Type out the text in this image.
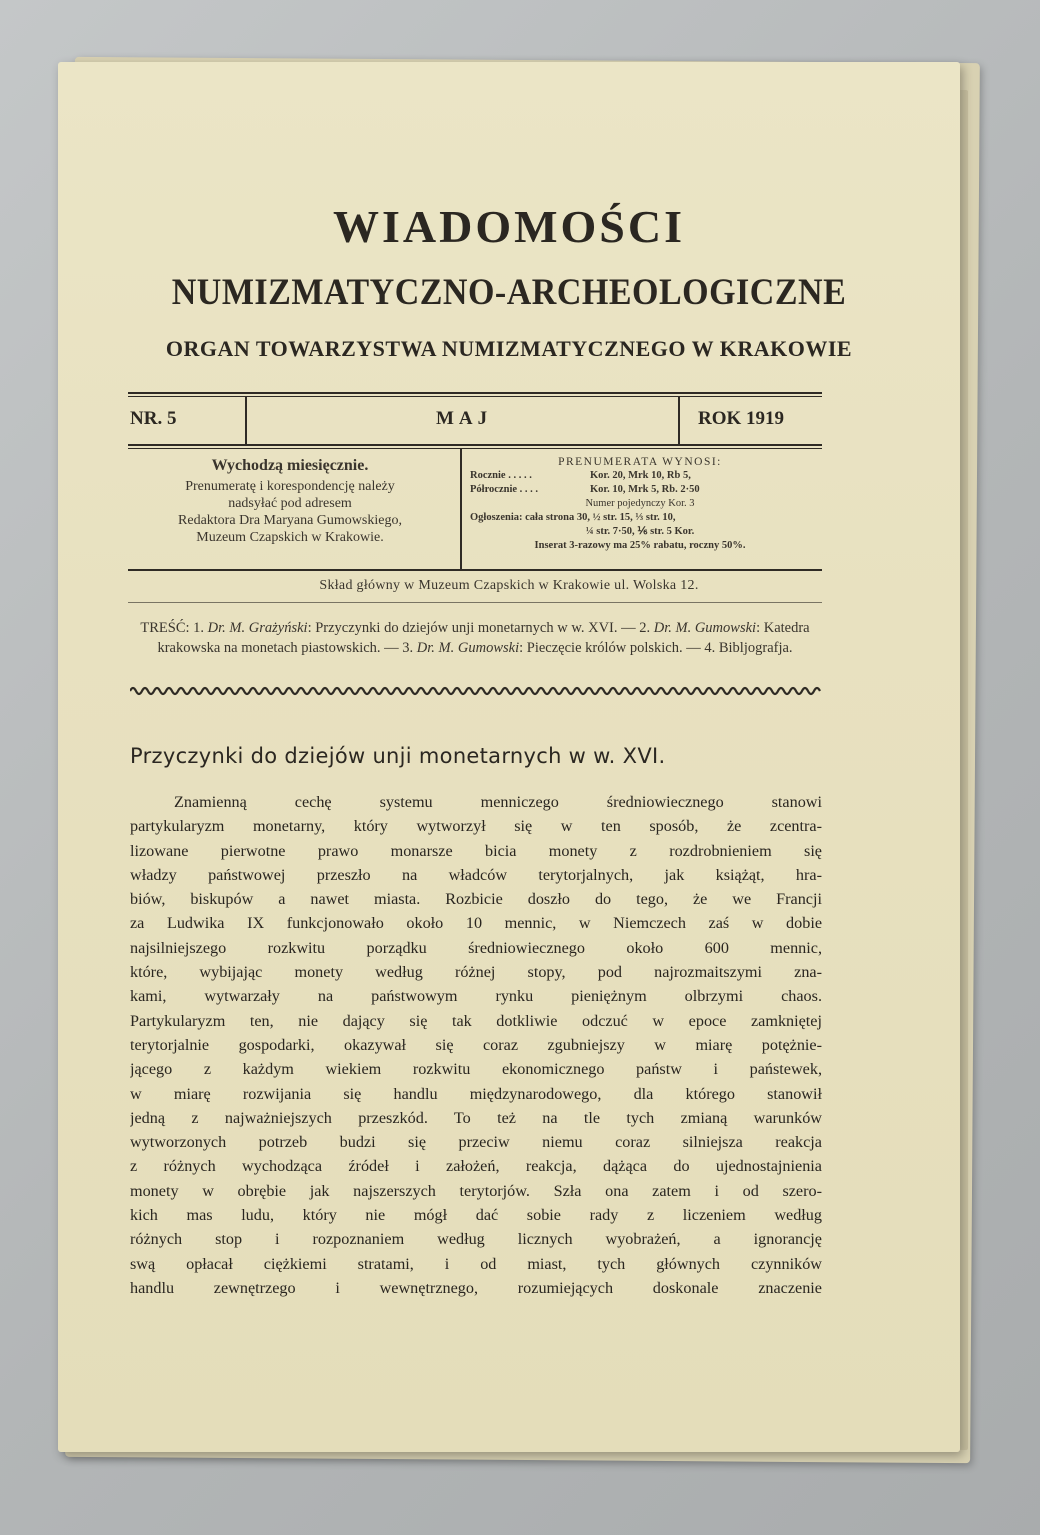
WIADOMOŚCI
NUMIZMATYCZNO-ARCHEOLOGICZNE
ORGAN TOWARZYSTWA NUMIZMATYCZNEGO W KRAKOWIE
NR. 5	MAJ	ROK 1919
Wychodzą miesięcznie.
Prenumeratę i korespondencję należy
nadsyłać pod adresem
Redaktora Dra Maryana Gumowskiego,
Muzeum Czapskich w Krakowie.
PRENUMERATA WYNOSI:
Rocznie . . . . .	Kor. 20, Mrk 10, Rb 5,
Półrocznie . . . .	Kor. 10, Mrk 5, Rb. 2·50
Numer pojedynczy Kor. 3
Ogłoszenia: cała strona 30, ½ str. 15, ⅓ str. 10,
¼ str. 7·50, ⅙ str. 5 Kor.
Inserat 3-razowy ma 25% rabatu, roczny 50%.
Skład główny w Muzeum Czapskich w Krakowie ul. Wolska 12.
TREŚĆ: 1. Dr. M. Grażyński: Przyczynki do dziejów unji monetarnych w w. XVI. — 2. Dr. M. Gumowski: Katedra krakowska na monetach piastowskich. — 3. Dr. M. Gumowski: Pieczęcie królów polskich. — 4. Bibljografja.
Przyczynki do dziejów unji monetarnych w w. XVI.
Znamienną cechę systemu menniczego średniowiecznego stanowi
partykularyzm monetarny, który wytworzył się w ten sposób, że zcentra-
lizowane pierwotne prawo monarsze bicia monety z rozdrobnieniem się
władzy państwowej przeszło na władców terytorjalnych, jak książąt, hra-
biów, biskupów a nawet miasta. Rozbicie doszło do tego, że we Francji
za Ludwika IX funkcjonowało około 10 mennic, w Niemczech zaś w dobie
najsilniejszego rozkwitu porządku średniowiecznego około 600 mennic,
które, wybijając monety według różnej stopy, pod najrozmaitszymi zna-
kami, wytwarzały na państwowym rynku pieniężnym olbrzymi chaos.
Partykularyzm ten, nie dający się tak dotkliwie odczuć w epoce zamkniętej
terytorjalnie gospodarki, okazywał się coraz zgubniejszy w miarę potężnie-
jącego z każdym wiekiem rozkwitu ekonomicznego państw i państewek,
w miarę rozwijania się handlu międzynarodowego, dla którego stanowił
jedną z najważniejszych przeszkód. To też na tle tych zmianą warunków
wytworzonych potrzeb budzi się przeciw niemu coraz silniejsza reakcja
z różnych wychodząca źródeł i założeń, reakcja, dążąca do ujednostajnienia
monety w obrębie jak najszerszych terytorjów. Szła ona zatem i od szero-
kich mas ludu, który nie mógł dać sobie rady z liczeniem według
różnych stop i rozpoznaniem według licznych wyobrażeń, a ignorancję
swą opłacał ciężkiemi stratami, i od miast, tych głównych czynników
handlu zewnętrzego i wewnętrznego, rozumiejących doskonale znaczenie
